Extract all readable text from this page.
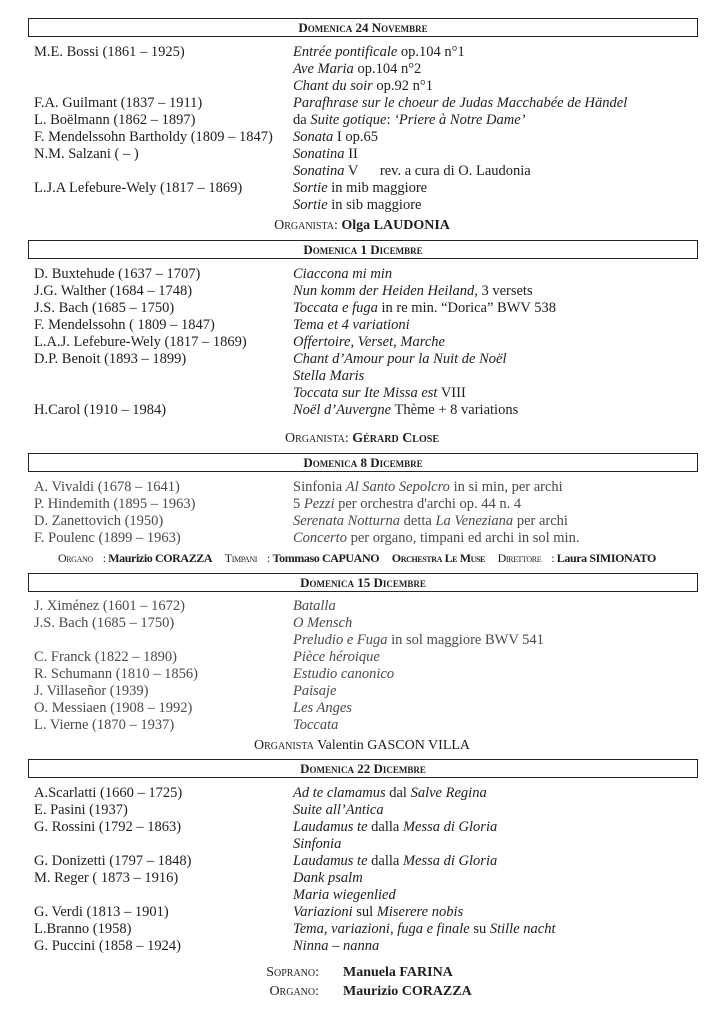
Domenica 24 Novembre
M.E. Bossi (1861 – 1925)	Entrée pontificale op.104 n°1
Ave Maria op.104 n°2
Chant du soir op.92 n°1
F.A. Guilmant (1837 – 1911)	Parafhrase sur le choeur de Judas Macchabée de Händel
L. Boëlmann (1862 – 1897)	da Suite gotique: ‘Priere à Notre Dame’
F. Mendelssohn Bartholdy (1809 – 1847) Sonata I op.65
N.M. Salzani ( – )	Sonatina II
Sonatina V      rev. a cura di O. Laudonia
L.J.A Lefebure-Wely (1817 – 1869)	Sortie in mib maggiore
Sortie in sib maggiore
Organista: Olga LAUDONIA
Domenica 1 Dicembre
D. Buxtehude (1637 – 1707)	Ciaccona mi min
J.G. Walther (1684 – 1748)	Nun komm der Heiden Heiland, 3 versets
J.S. Bach (1685 – 1750)	Toccata e fuga in re min. “Dorica” BWV 538
F. Mendelssohn ( 1809 – 1847)	Tema et 4 variationi
L.A.J. Lefebure-Wely (1817 – 1869)	Offertoire, Verset, Marche
D.P. Benoit (1893 – 1899)	Chant d’Amour pour la Nuit de Noël
Stella Maris
Toccata sur Ite Missa est VIII
H.Carol (1910 – 1984)	Noël d’Auvergne Thème + 8 variations
Organista: Gérard Close
Domenica 8 Dicembre
A. Vivaldi (1678 – 1641)	Sinfonia Al Santo Sepolcro in si min, per archi
P. Hindemith (1895 – 1963)	5 Pezzi per orchestra d'archi op. 44 n. 4
D. Zanettovich (1950)	Serenata Notturna detta La Veneziana per archi
F. Poulenc (1899 – 1963)	Concerto per organo, timpani ed archi in sol min.
Organo : Maurizio CORAZZA Timpani : Tommaso CAPUANO Orchestra Le Muse Direttore : Laura SIMIONATO
Domenica 15 Dicembre
J. Ximénez (1601 – 1672)	Batalla
J.S. Bach (1685 – 1750)	O Mensch
Preludio e Fuga in sol maggiore BWV 541
C. Franck (1822 – 1890)	Pièce héroique
R. Schumann (1810 – 1856)	Estudio canonico
J. Villaseñor (1939)	Paisaje
O. Messiaen (1908 – 1992)	Les Anges
L. Vierne (1870 – 1937)	Toccata
Organista Valentin GASCON VILLA
Domenica 22 Dicembre
A.Scarlatti (1660 – 1725)	Ad te clamamus dal Salve Regina
E. Pasini (1937)	Suite all’Antica
G. Rossini (1792 – 1863)	Laudamus te dalla Messa di Gloria
Sinfonia
G. Donizetti (1797 – 1848)	Laudamus te dalla Messa di Gloria
M. Reger ( 1873 – 1916)	Dank psalm
Maria wiegenlied
G. Verdi (1813 – 1901)	Variazioni sul Miserere nobis
L.Branno (1958)	Tema, variazioni, fuga e finale su Stille nacht
G. Puccini (1858 – 1924)	Ninna – nanna
Soprano: Manuela FARINA
Organo: Maurizio CORAZZA
